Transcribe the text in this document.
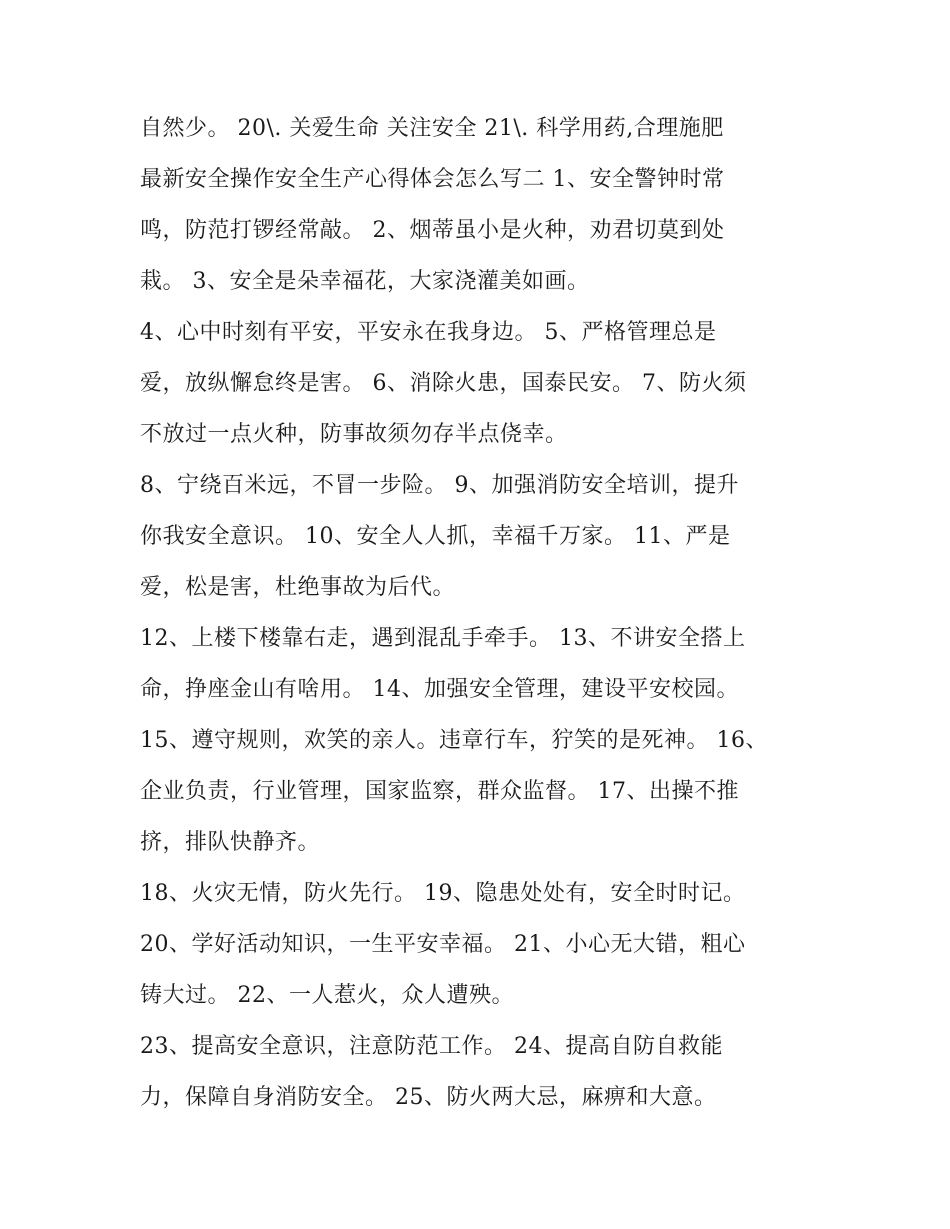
自然少。 20\. 关爱生命 关注安全 21\. 科学用药,合理施肥
最新安全操作安全生产心得体会怎么写二 1、安全警钟时常
鸣，防范打锣经常敲。 2、烟蒂虽小是火种，劝君切莫到处
栽。 3、安全是朵幸福花，大家浇灌美如画。
4、心中时刻有平安，平安永在我身边。 5、严格管理总是
爱，放纵懈怠终是害。 6、消除火患，国泰民安。 7、防火须
不放过一点火种，防事故须勿存半点侥幸。
8、宁绕百米远，不冒一步险。 9、加强消防安全培训，提升
你我安全意识。 10、安全人人抓，幸福千万家。 11、严是
爱，松是害，杜绝事故为后代。
12、上楼下楼靠右走，遇到混乱手牵手。 13、不讲安全搭上
命，挣座金山有啥用。 14、加强安全管理，建设平安校园。
15、遵守规则，欢笑的亲人。违章行车，狞笑的是死神。 16、
企业负责，行业管理，国家监察，群众监督。 17、出操不推
挤，排队快静齐。
18、火灾无情，防火先行。 19、隐患处处有，安全时时记。
20、学好活动知识，一生平安幸福。 21、小心无大错，粗心
铸大过。 22、一人惹火，众人遭殃。
23、提高安全意识，注意防范工作。 24、提高自防自救能
力，保障自身消防安全。 25、防火两大忌，麻痹和大意。
